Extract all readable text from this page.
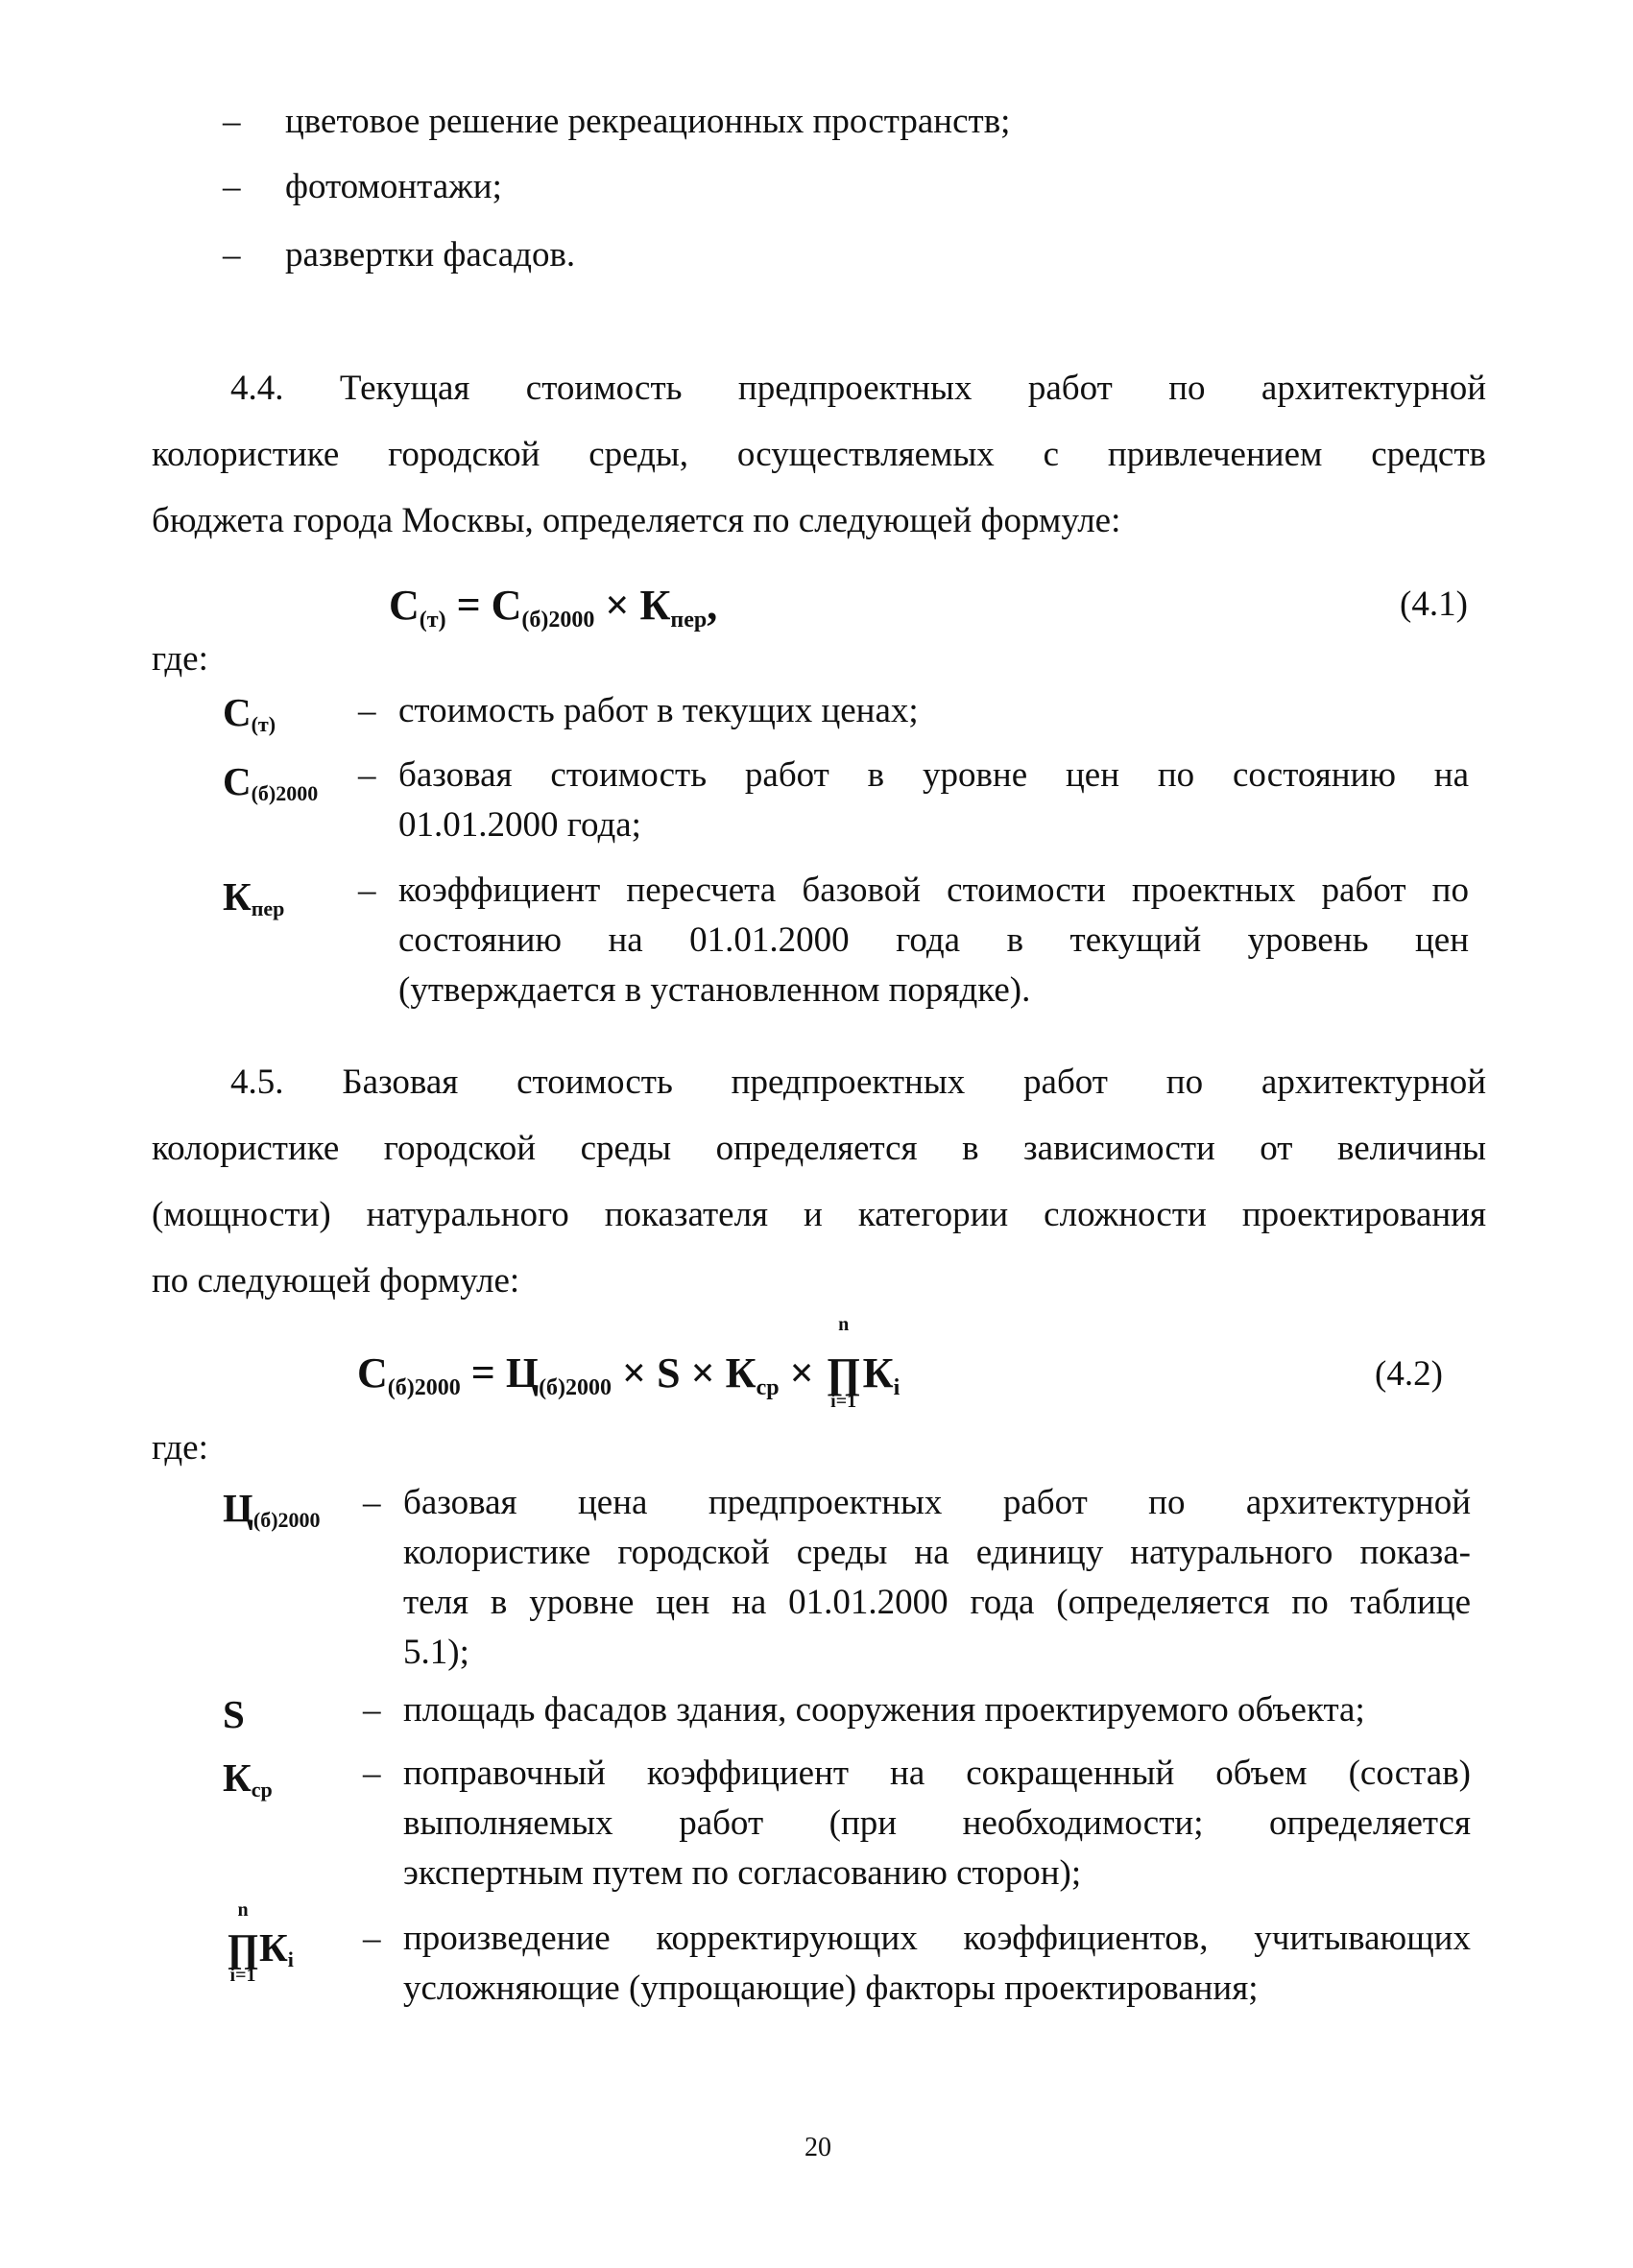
– цветовое решение рекреационных пространств;
– фотомонтажи;
– развертки фасадов.

4.4. Текущая стоимость предпроектных работ по архитектурной

колористике городской среды, осуществляемых с привлечением средств

бюджета города Москвы, определяется по следующей формуле:

$С_{(т)} = С_{(б)2000} \times К_{пер}$,	(4.1)
где:
$С_{(т)}$ – стоимость работ в текущих ценах;
$С_{(б)2000}$ – базовая стоимость работ в уровне цен по состоянию на
01.01.2000 года;
$К_{пер}$ – коэффициент пересчета базовой стоимости проектных работ по
состоянию на 01.01.2000 года в текущий уровень цен
(утверждается в установленном порядке).

4.5. Базовая стоимость предпроектных работ по архитектурной

колористике городской среды определяется в зависимости от величины

(мощности) натурального показателя и категории сложности проектирования

по следующей формуле:

$С_{(б)2000} = Ц_{(б)2000} \times S \times К_{ср}$ ×
n
∏
i=1
$К_i$	(4.2)
где:
$Ц_{(б)2000}$ – базовая цена предпроектных работ по архитектурной
колористике городской среды на единицу натурального показа-
теля в уровне цен на 01.01.2000 года (определяется по таблице
5.1);
S	– площадь фасадов здания, сооружения проектируемого объекта;
$К_{ср}$	– поправочный коэффициент на сокращенный объем (состав)
выполняемых работ (при необходимости; определяется
экспертным путем по согласованию сторон);
n
∏
i=1
$К_i$
– произведение корректирующих коэффициентов, учитывающих
усложняющие (упрощающие) факторы проектирования;
20
